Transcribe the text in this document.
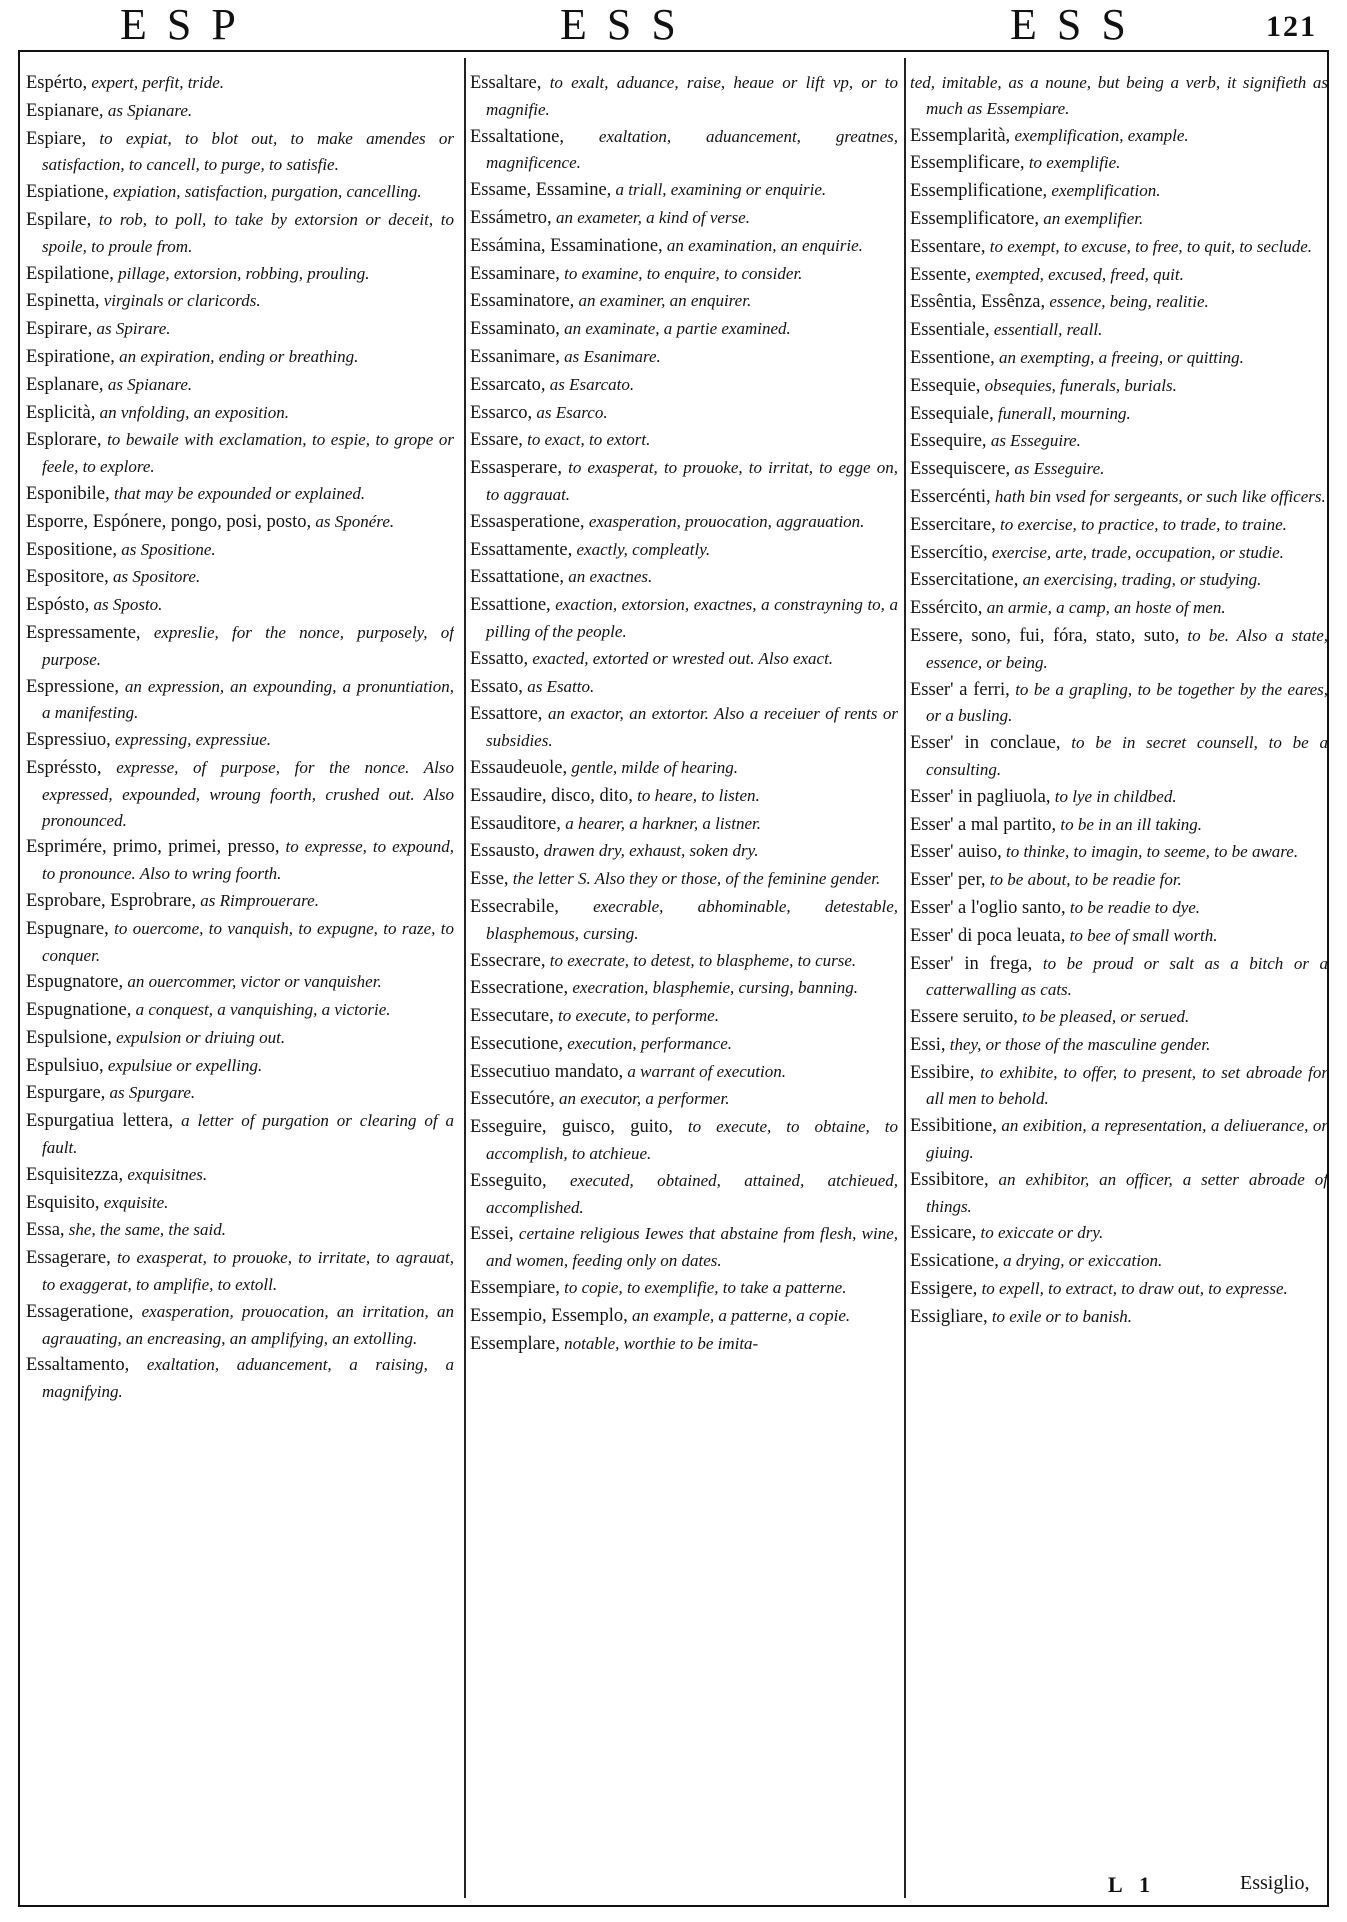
ESP	ESS	ESS	121

Espérto, expert, perfit, tride.

Espianare, as Spianare.

Espiare, to expiat, to blot out, to make amendes or satisfaction, to cancell, to purge, to satisfie.

Espiatione, expiation, satisfaction, purgation, cancelling.

Espilare, to rob, to poll, to take by extorsion or deceit, to spoile, to proule from.

Espilatione, pillage, extorsion, robbing, prouling.

Espinetta, virginals or claricords.

Espirare, as Spirare.

Espiratione, an expiration, ending or breathing.

Esplanare, as Spianare.

Esplicità, an vnfolding, an exposition.

Esplorare, to bewaile with exclamation, to espie, to grope or feele, to explore.

Esponibile, that may be expounded or explained.

Esporre, Espónere, pongo, posi, posto, as Sponére.

Espositione, as Spositione.

Espositore, as Spositore.

Espósto, as Sposto.

Espressamente, expreslie, for the nonce, purposely, of purpose.

Espressione, an expression, an expounding, a pronuntiation, a manifesting.

Espressiuo, expressing, expressiue.

Espréssto, expresse, of purpose, for the nonce. Also expressed, expounded, wroung foorth, crushed out. Also pronounced.

Esprimére, primo, primei, presso, to expresse, to expound, to pronounce. Also to wring foorth.

Esprobare, Esprobrare, as Rimprouerare.

Espugnare, to ouercome, to vanquish, to expugne, to raze, to conquer.

Espugnatore, an ouercommer, victor or vanquisher.

Espugnatione, a conquest, a vanquishing, a victorie.

Espulsione, expulsion or driuing out.

Espulsiuo, expulsiue or expelling.

Espurgare, as Spurgare.

Espurgatiua lettera, a letter of purgation or clearing of a fault.

Esquisitezza, exquisitnes.

Esquisito, exquisite.

Essa, she, the same, the said.

Essagerare, to exasperat, to prouoke, to irritate, to agrauat, to exaggerat, to amplifie, to extoll.

Essageratione, exasperation, prouocation, an irritation, an agrauating, an encreasing, an amplifying, an extolling.

Essaltamento, exaltation, aduancement, a raising, a magnifying.

Essaltare, to exalt, aduance, raise, heaue or lift vp, or to magnifie.

Essaltatione, exaltation, aduancement, greatnes, magnificence.

Essame, Essamine, a triall, examining or enquirie.

Essámetro, an exameter, a kind of verse.

Essámina, Essaminatione, an examination, an enquirie.

Essaminare, to examine, to enquire, to consider.

Essaminatore, an examiner, an enquirer.

Essaminato, an examinate, a partie examined.

Essanimare, as Esanimare.

Essarcato, as Esarcato.

Essarco, as Esarco.

Essare, to exact, to extort.

Essasperare, to exasperat, to prouoke, to irritat, to egge on, to aggrauat.

Essasperatione, exasperation, prouocation, aggrauation.

Essattamente, exactly, compleatly.

Essattatione, an exactnes.

Essattione, exaction, extorsion, exactnes, a constrayning to, a pilling of the people.

Essatto, exacted, extorted or wrested out. Also exact.

Essato, as Esatto.

Essattore, an exactor, an extortor. Also a receiuer of rents or subsidies.

Essaudeuole, gentle, milde of hearing.

Essaudire, disco, dito, to heare, to listen.

Essauditore, a hearer, a harkner, a listner.

Essausto, drawen dry, exhaust, soken dry.

Esse, the letter S. Also they or those, of the feminine gender.

Essecrabile, execrable, abhominable, detestable, blasphemous, cursing.

Essecrare, to execrate, to detest, to blaspheme, to curse.

Essecratione, execration, blasphemie, cursing, banning.

Essecutare, to execute, to performe.

Essecutione, execution, performance.

Essecutiuo mandato, a warrant of execution.

Essecutóre, an executor, a performer.

Esseguire, guisco, guito, to execute, to obtaine, to accomplish, to atchieue.

Esseguito, executed, obtained, attained, atchieued, accomplished.

Essei, certaine religious Iewes that abstaine from flesh, wine, and women, feeding only on dates.

Essempiare, to copie, to exemplifie, to take a patterne.

Essempio, Essemplo, an example, a patterne, a copie.

Essemplare, notable, worthie to be imita-

ted, imitable, as a noune, but being a verb, it signifieth as much as Essempiare.

Essemplarità, exemplification, example.

Essemplificare, to exemplifie.

Essemplificatione, exemplification.

Essemplificatore, an exemplifier.

Essentare, to exempt, to excuse, to free, to quit, to seclude.

Essente, exempted, excused, freed, quit.

Essêntia, Essênza, essence, being, realitie.

Essentiale, essentiall, reall.

Essentione, an exempting, a freeing, or quitting.

Essequie, obsequies, funerals, burials.

Essequiale, funerall, mourning.

Essequire, as Esseguire.

Essequiscere, as Esseguire.

Essercénti, hath bin vsed for sergeants, or such like officers.

Essercitare, to exercise, to practice, to trade, to traine.

Essercítio, exercise, arte, trade, occupation, or studie.

Essercitatione, an exercising, trading, or studying.

Essército, an armie, a camp, an hoste of men.

Essere, sono, fui, fóra, stato, suto, to be. Also a state, essence, or being.

Esser' a ferri, to be a grapling, to be together by the eares, or a busling.

Esser' in conclaue, to be in secret counsell, to be a consulting.

Esser' in pagliuola, to lye in childbed.

Esser' a mal partito, to be in an ill taking.

Esser' auiso, to thinke, to imagin, to seeme, to be aware.

Esser' per, to be about, to be readie for.

Esser' a l'oglio santo, to be readie to dye.

Esser' di poca leuata, to bee of small worth.

Esser' in frega, to be proud or salt as a bitch or a catterwalling as cats.

Essere seruito, to be pleased, or serued.

Essi, they, or those of the masculine gender.

Essibire, to exhibite, to offer, to present, to set abroade for all men to behold.

Essibitione, an exibition, a representation, a deliuerance, or giuing.

Essibitore, an exhibitor, an officer, a setter abroade of things.

Essicare, to exiccate or dry.

Essicatione, a drying, or exiccation.

Essigere, to expell, to extract, to draw out, to expresse.

Essigliare, to exile or to banish.

L 1	Essiglio,
